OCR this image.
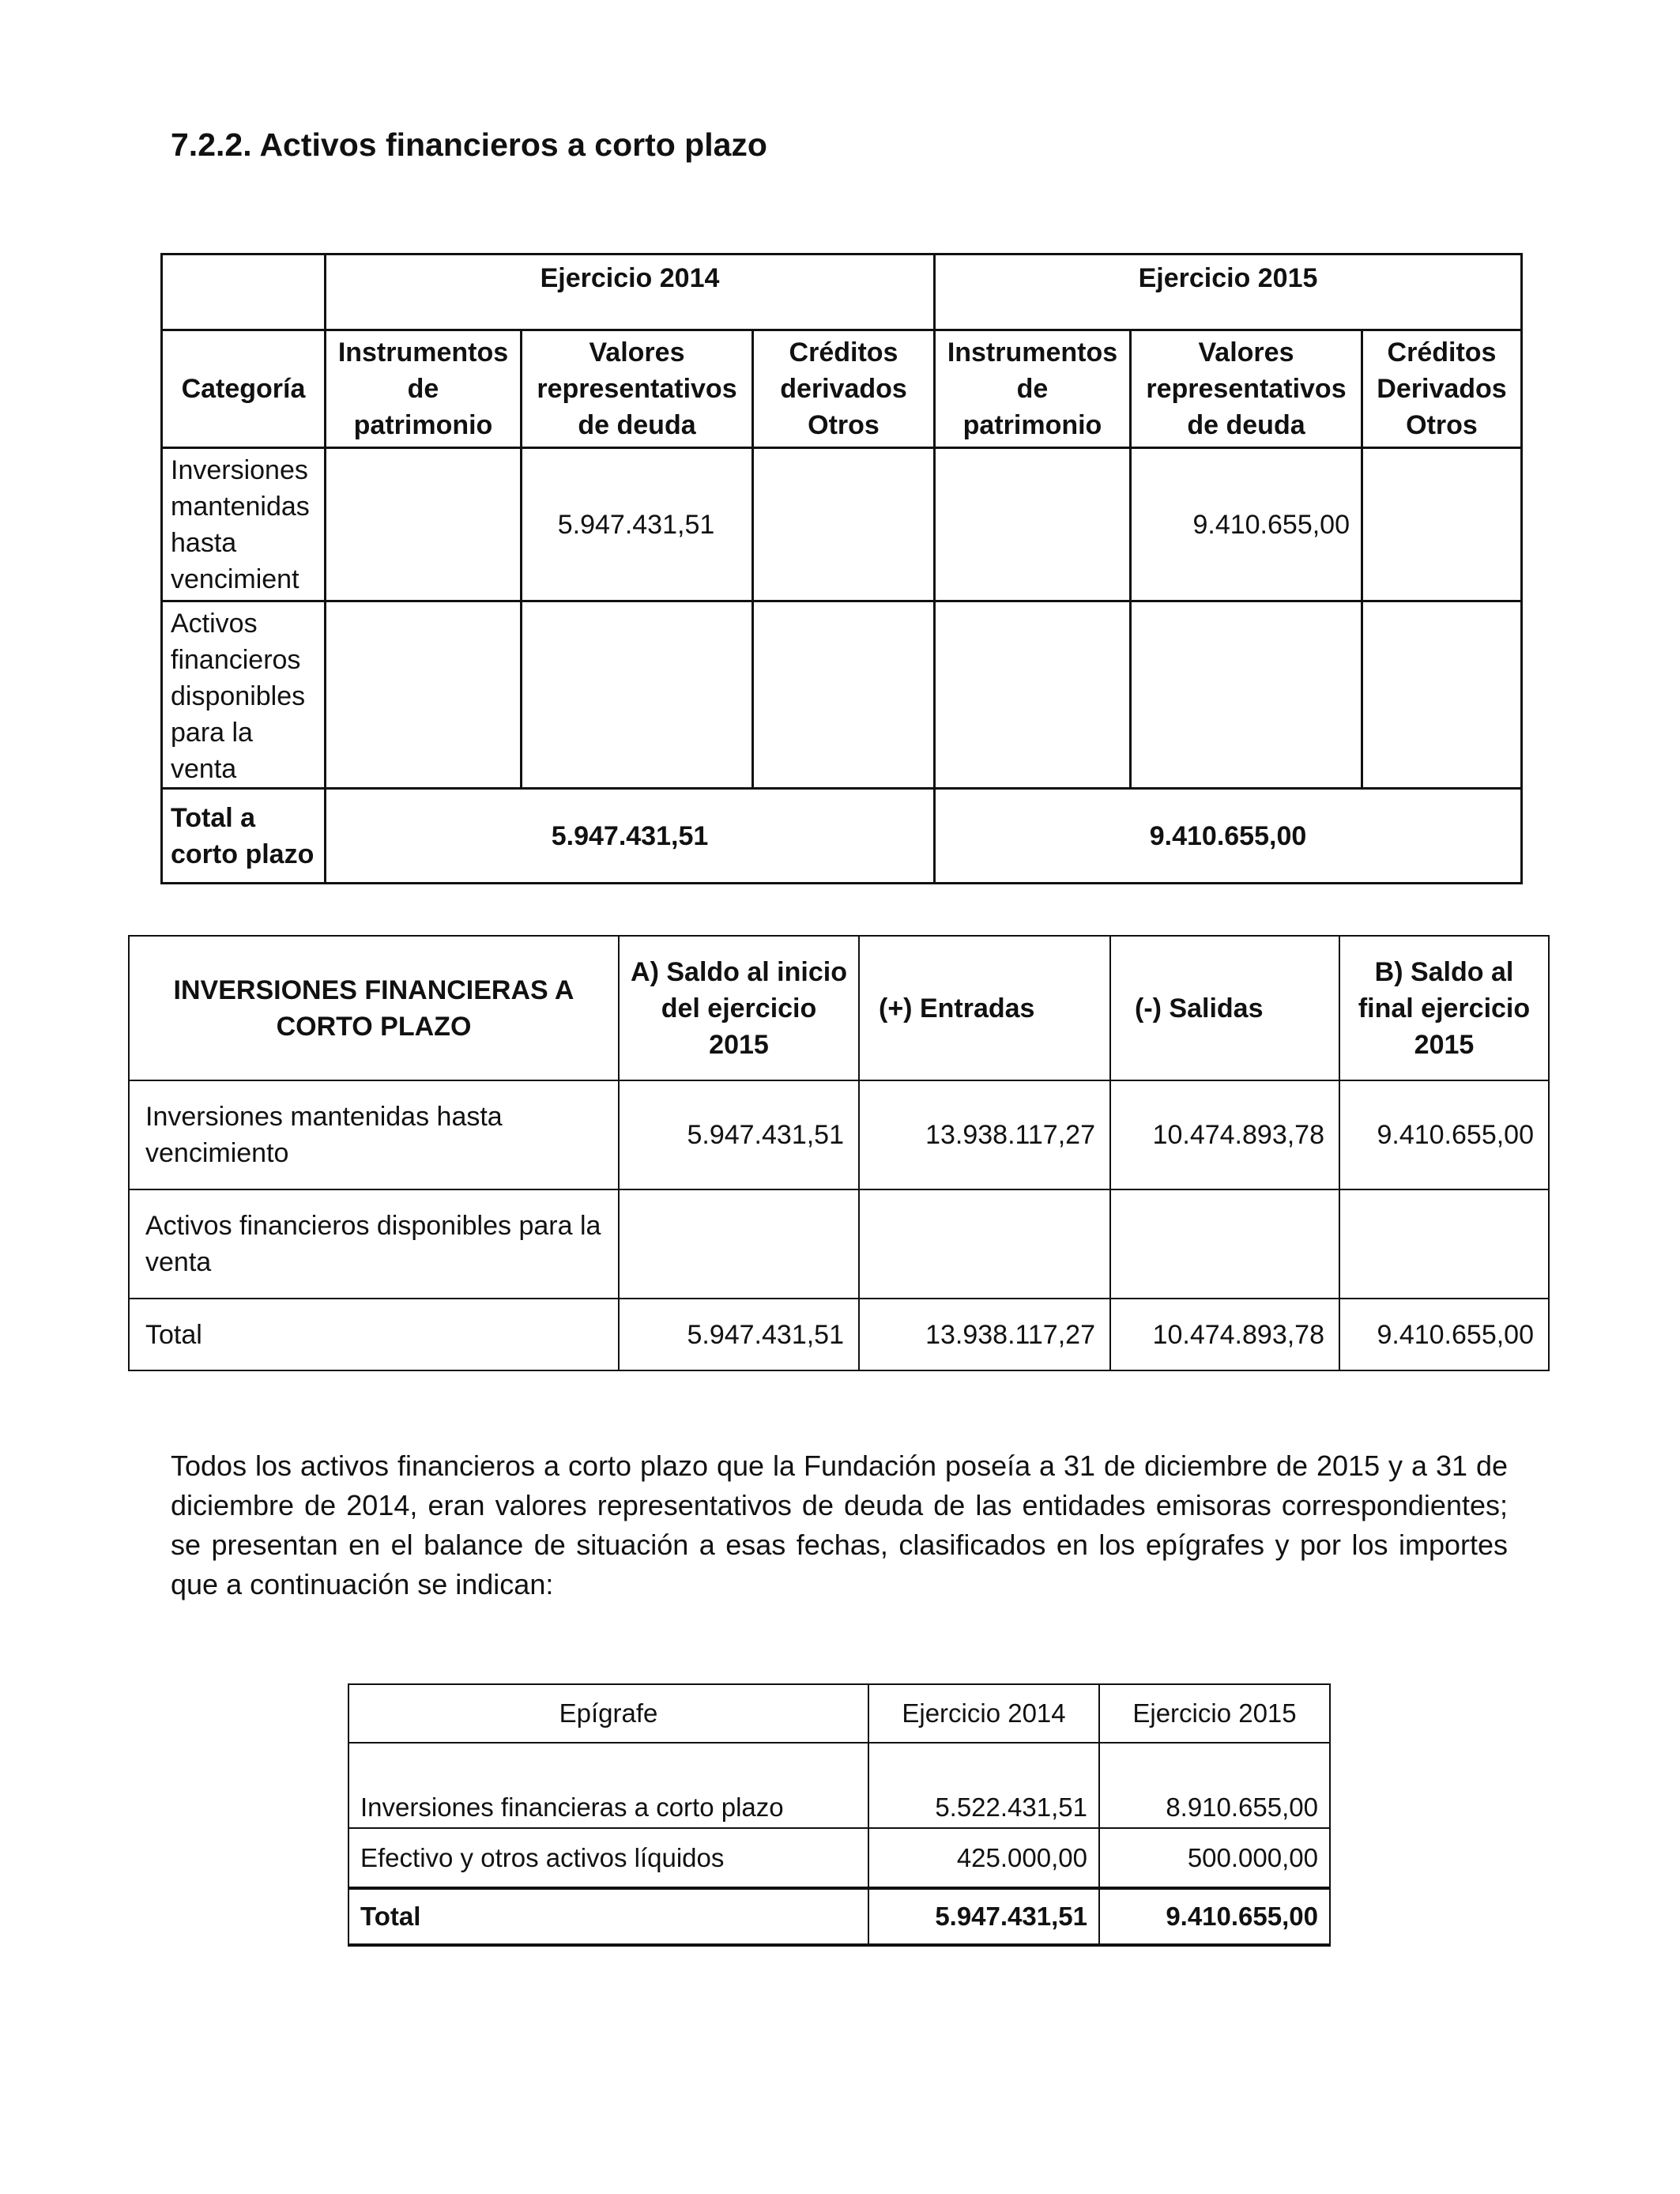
7.2.2. Activos financieros a corto plazo
	Ejercicio 2014			Ejercicio 2015		
Categoría	Instrumentos de patrimonio	Valores representativos de deuda	Créditos derivados Otros	Instrumentos de patrimonio	Valores representativos de deuda	Créditos Derivados Otros
Inversiones mantenidas hasta vencimient		5.947.431,51			9.410.655,00	
Activos financieros disponibles para la venta						
Total a corto plazo	5.947.431,51			9.410.655,00		
INVERSIONES FINANCIERAS A CORTO PLAZO	A) Saldo al inicio del ejercicio 2015	(+) Entradas	(-) Salidas	B) Saldo al final ejercicio 2015
Inversiones mantenidas hasta vencimiento	5.947.431,51	13.938.117,27	10.474.893,78	9.410.655,00
Activos financieros disponibles para la venta				
Total	5.947.431,51	13.938.117,27	10.474.893,78	9.410.655,00

Todos los activos financieros a corto plazo que la Fundación poseía a 31 de diciembre de 2015 y a 31 de diciembre de 2014, eran valores representativos de deuda de las entidades emisoras correspondientes; se presentan en el balance de situación a esas fechas, clasificados en los epígrafes y por los importes que a continuación se indican:

Epígrafe	Ejercicio 2014	Ejercicio 2015
Inversiones financieras a corto plazo	5.522.431,51	8.910.655,00
Efectivo y otros activos líquidos	425.000,00	500.000,00
Total	5.947.431,51	9.410.655,00
